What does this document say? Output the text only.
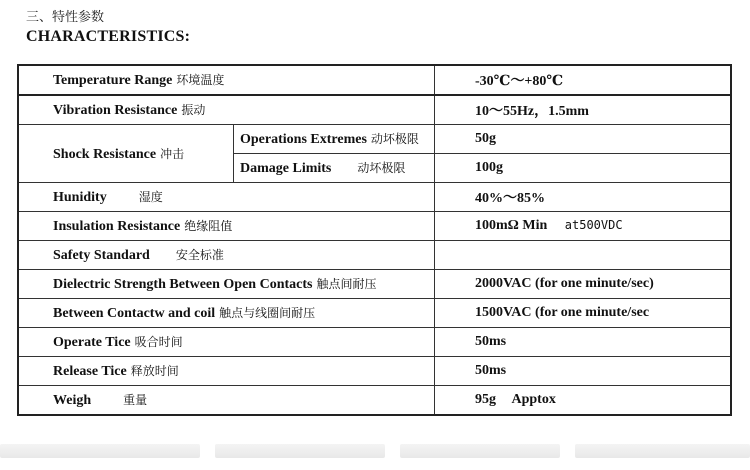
三、特性参数
CHARACTERISTICS:
Temperature Range 环境温度		-30℃～+80℃
Vibration Resistance 振动		10～55Hz，1.5mm
Shock Resistance 冲击	Operations Extremes 动坏极限	50g
	Damage Limits 动坏极限	100g
Hunidity 湿度		40%～85%
Insulation Resistance 绝缘阻值		100mΩ Min at500VDC
Safety Standard 安全标准		
Dielectric Strength Between Open Contacts 触点间耐压		2000VAC (for one minute/sec)
Between Contactw and coil 触点与线圈间耐压		1500VAC (for one minute/sec
Operate Tice 吸合时间		50ms
Release Tice 释放时间		50ms
Weigh 重量		95g Apptox
